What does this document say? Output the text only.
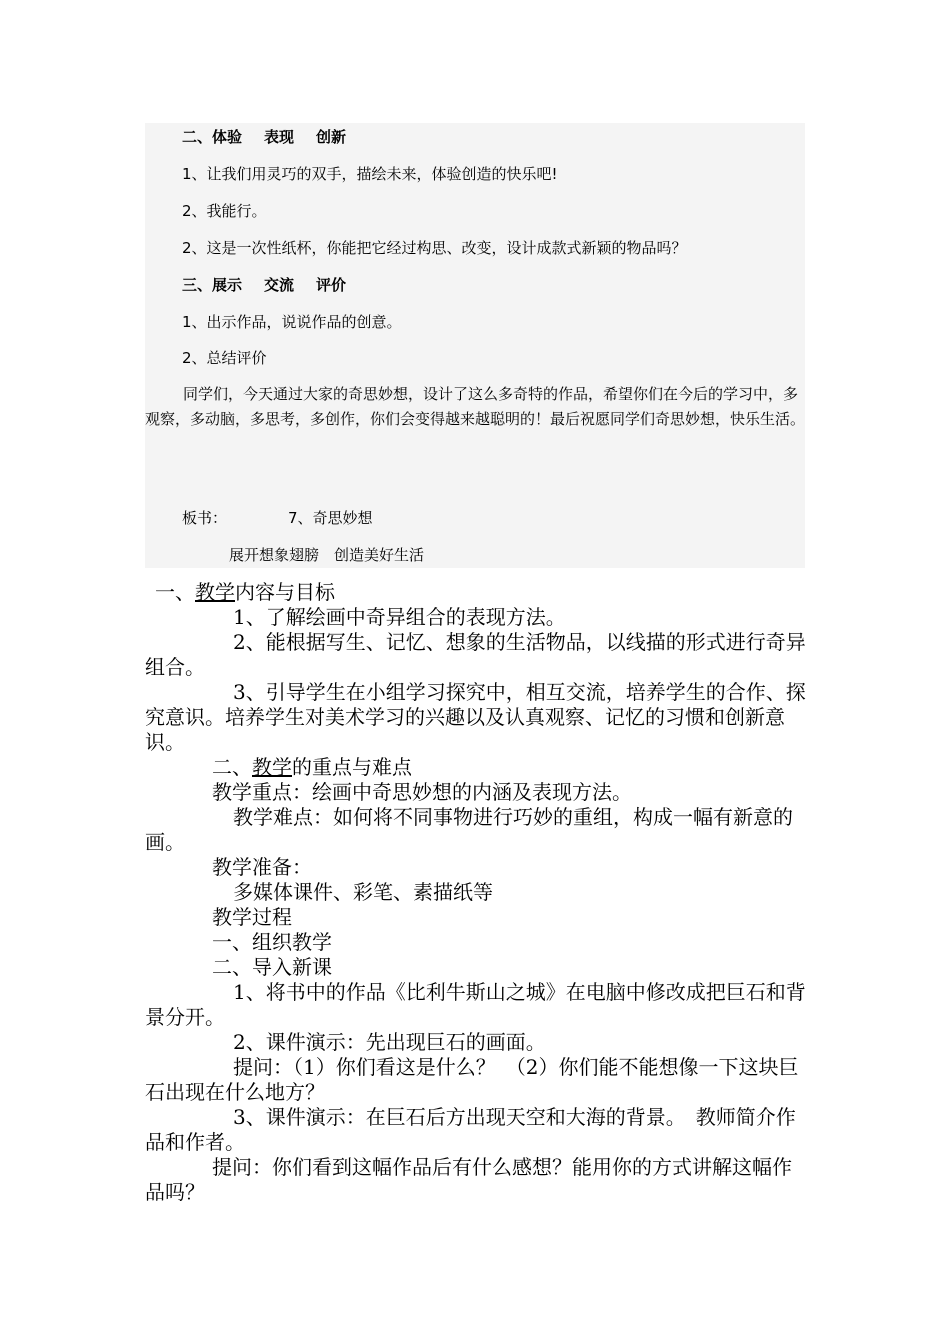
二、体验 表现 创新
1、让我们用灵巧的双手，描绘未来，体验创造的快乐吧!
2、我能行。
2、这是一次性纸杯，你能把它经过构思、改变，设计成款式新颖的物品吗？
三、展示 交流 评价
1、出示作品，说说作品的创意。
2、总结评价
同学们，今天通过大家的奇思妙想，设计了这么多奇特的作品，希望你们在今后的学习中，多观察，多动脑，多思考，多创作，你们会变得越来越聪明的！最后祝愿同学们奇思妙想，快乐生活。
板书：	7、奇思妙想
展开想象翅膀　创造美好生活
一、教学内容与目标
1、了解绘画中奇异组合的表现方法。
2、能根据写生、记忆、想象的生活物品，以线描的形式进行奇异组合。
3、引导学生在小组学习探究中，相互交流，培养学生的合作、探究意识。培养学生对美术学习的兴趣以及认真观察、记忆的习惯和创新意识。
二、教学的重点与难点
教学重点：绘画中奇思妙想的内涵及表现方法。
教学难点：如何将不同事物进行巧妙的重组，构成一幅有新意的画。
教学准备：
多媒体课件、彩笔、素描纸等
教学过程
一、组织教学
二、导入新课
1、将书中的作品《比利牛斯山之城》在电脑中修改成把巨石和背景分开。
2、课件演示：先出现巨石的画面。
提问：（1）你们看这是什么？　（2）你们能不能想像一下这块巨石出现在什么地方？
3、课件演示：在巨石后方出现天空和大海的背景。　教师简介作品和作者。
提问：你们看到这幅作品后有什么感想？能用你的方式讲解这幅作品吗？
